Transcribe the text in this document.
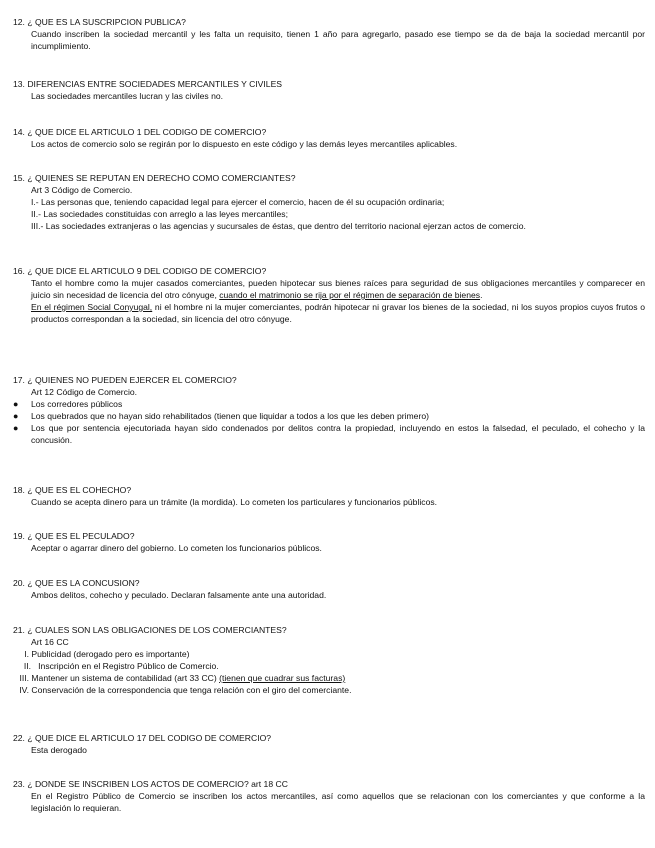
12. ¿ QUE ES LA SUSCRIPCION PUBLICA?
Cuando inscriben la sociedad mercantil y les falta un requisito, tienen 1 año para agregarlo, pasado ese tiempo se da de baja la sociedad mercantil por incumplimiento.
13. DIFERENCIAS ENTRE SOCIEDADES MERCANTILES Y CIVILES
Las sociedades mercantiles lucran y las civiles no.
14. ¿ QUE DICE EL ARTICULO 1 DEL CODIGO DE COMERCIO?
Los actos de comercio solo se regirán por lo dispuesto en este código y las demás leyes mercantiles aplicables.
15. ¿ QUIENES SE REPUTAN EN DERECHO COMO COMERCIANTES?
Art 3 Código de Comercio.
I.- Las personas que, teniendo capacidad legal para ejercer el comercio, hacen de él su ocupación ordinaria;
II.- Las sociedades constituidas con arreglo a las leyes mercantiles;
III.- Las sociedades extranjeras o las agencias y sucursales de éstas, que dentro del territorio nacional ejerzan actos de comercio.
16. ¿ QUE DICE EL ARTICULO 9 DEL CODIGO DE COMERCIO?
Tanto el hombre como la mujer casados comerciantes, pueden hipotecar sus bienes raíces para seguridad de sus obligaciones mercantiles y comparecer en juicio sin necesidad de licencia del otro cónyuge, cuando el matrimonio se rija por el régimen de separación de bienes.
En el régimen Social Conyugal, ni el hombre ni la mujer comerciantes, podrán hipotecar ni gravar los bienes de la sociedad, ni los suyos propios cuyos frutos o productos correspondan a la sociedad, sin licencia del otro cónyuge.
17. ¿ QUIENES NO PUEDEN EJERCER EL COMERCIO?
Art 12 Código de Comercio.
● Los corredores públicos
● Los quebrados que no hayan sido rehabilitados (tienen que liquidar a todos a los que les deben primero)
● Los que por sentencia ejecutoriada hayan sido condenados por delitos contra la propiedad, incluyendo en estos la falsedad, el peculado, el cohecho y la concusión.
18. ¿ QUE ES EL COHECHO?
Cuando se acepta dinero para un trámite (la mordida). Lo cometen los particulares y funcionarios públicos.
19. ¿ QUE ES EL PECULADO?
Aceptar o agarrar dinero del gobierno. Lo cometen los funcionarios públicos.
20. ¿ QUE ES LA CONCUSION?
Ambos delitos, cohecho y peculado. Declaran falsamente ante una autoridad.
21. ¿ CUALES SON LAS OBLIGACIONES DE LOS COMERCIANTES?
Art 16 CC
I. Publicidad (derogado pero es importante)
II. Inscripción en el Registro Público de Comercio.
III. Mantener un sistema de contabilidad (art 33 CC) (tienen que cuadrar sus facturas)
IV. Conservación de la correspondencia que tenga relación con el giro del comerciante.
22. ¿ QUE DICE EL ARTICULO 17 DEL CODIGO DE COMERCIO?
Esta derogado
23. ¿ DONDE SE INSCRIBEN LOS ACTOS DE COMERCIO? art 18 CC
En el Registro Público de Comercio se inscriben los actos mercantiles, así como aquellos que se relacionan con los comerciantes y que conforme a la legislación lo requieran.
